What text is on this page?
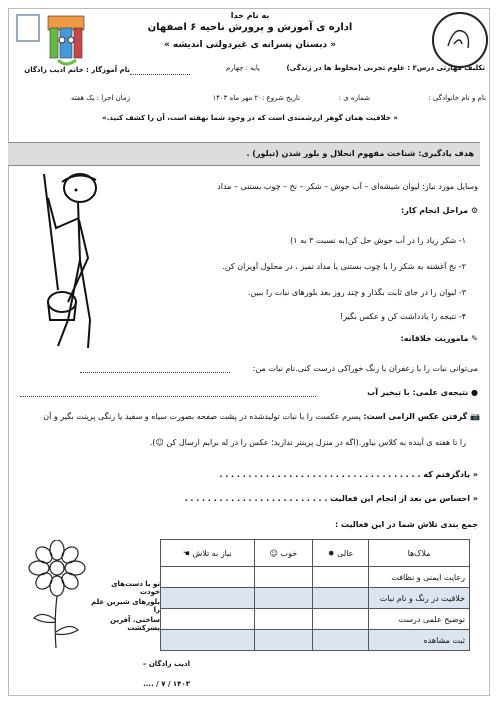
به نام خدا
اداره ی آموزش و پرورش ناحیه ۶ اصفهان
« دبستان پسرانه ی غیردولتی اندیشه »
تکلیف مهارتی درس۲ : علوم تجربی (مخلوط ها در زندگی)
پایه : چهارم
نام آموزگار : خانم ادیب زادگان
نام و نام خانوادگی :
شماره ی :
تاریخ شروع :۲۰ مهر ماه ۱۴۰۳
زمان اجرا : یک هفته
« خلاقیت همان گوهر ارزشمندی است که در وجود شما نهفته است، آن را کشف کنید.»
هدف یادگیری: شناخت مفهوم انحلال و بلور شدن (تبلور) .
وسایل مورد نیاز: لیوان شیشه‌ای – آب جوش – شکر – نخ – چوب بستنی – مداد
⚙ مراحل انجام کار:
۱- شکر زیاد را در آب جوش حل کن(به نسبت ۳ به ۱)
۲- نخ آغشته به شکر را با چوب بستنی یا مداد تمیز ، در محلول آویزان کن.
۳- لیوان را در جای ثابت بگذار و چند روز بعد بلورهای نبات را ببین.
۴- نتیجه را یادداشت کن و عکس بگیر!
✎ ماموریت خلاقانه:
می‌توانی نبات را با زعفران یا رنگ خوراکی درست کنی.نام نبات من:
● نتیجه‌ی علمی: با تبخیر آب
📷 گرفتن عکس الزامی است: پسرم عکست را با نبات تولیدشده در پشت صفحه بصورت سیاه و سفید یا رنگی پرینت بگیر و آن
را تا هفته ی آینده به کلاس بیاور.(اگه در منزل پرینتر ندارید؛ عکس را در له برایم ارسال کن ☺).
« یادگرفتم که . . . . . . . . . . . . . . . . . . . . . . . . . . . . . . . . . . .
« احساس من بعد از انجام این فعالیت . . . . . . . . . . . . . . . . . . . . . . . . .
جمع بندی تلاش شما در این فعالیت :
ملاک‌ها	عالی ✸	خوب ☺	نیاز به تلاش ☚
رعایت ایمنی و نظافت			
خلاقیت در رنگ و نام نبات			
توضیح علمی درست			
ثبت مشاهده			
تو با دست‌های خودت
بلورهای شیرین علم را
ساختی. آفرین پسرکشت
ادیب زادگان –
۱۴۰۳ / ۷ / ....
